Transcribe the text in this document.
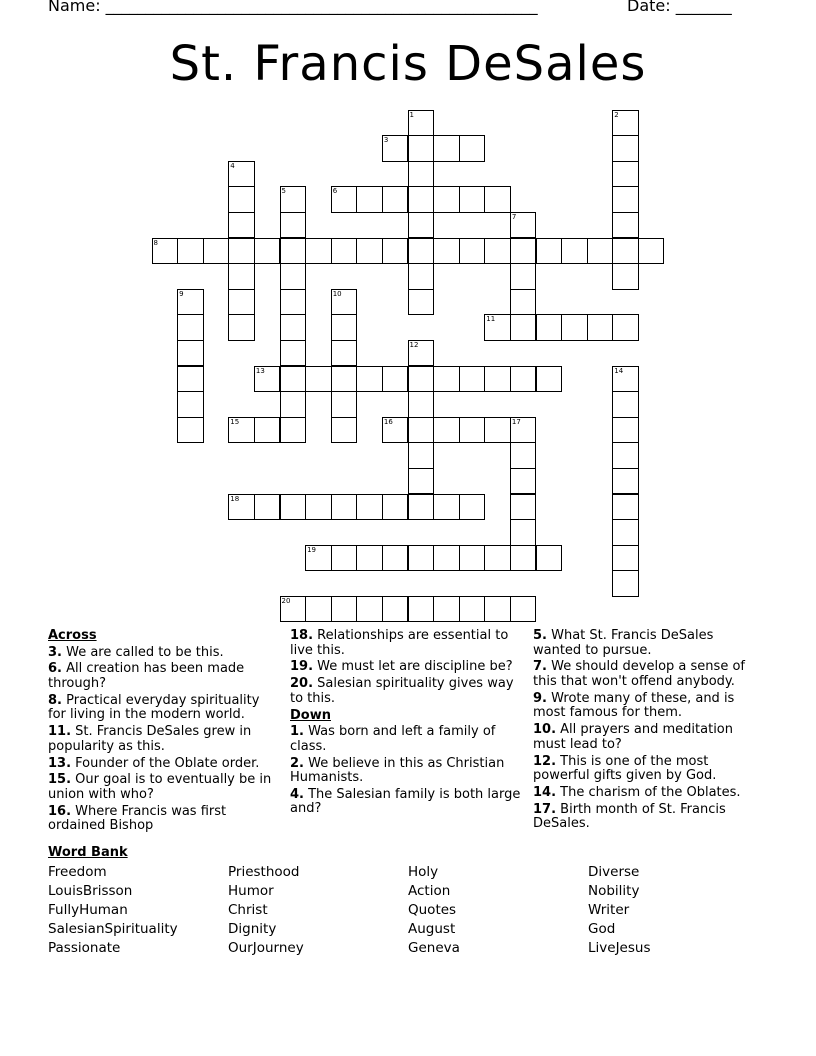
Name: ______________________________________________________	Date: _______
St. Francis DeSales
1	2
3
4
5	6
7
8
9	10
11
12
13	14
15	16	17
18
19
20
Across
3. We are called to be this.
6. All creation has been made through?
8. Practical everyday spirituality for living in the modern world.
11. St. Francis DeSales grew in popularity as this.
13. Founder of the Oblate order.
15. Our goal is to eventually be in union with who?
16. Where Francis was first ordained Bishop
18. Relationships are essential to live this.
19. We must let are discipline be?
20. Salesian spirituality gives way to this.
Down
1. Was born and left a family of class.
2. We believe in this as Christian Humanists.
4. The Salesian family is both large and?
5. What St. Francis DeSales wanted to pursue.
7. We should develop a sense of this that won't offend anybody.
9. Wrote many of these, and is most famous for them.
10. All prayers and meditation must lead to?
12. This is one of the most powerful gifts given by God.
14. The charism of the Oblates.
17. Birth month of St. Francis DeSales.
Word Bank
Freedom
LouisBrisson
FullyHuman
SalesianSpirituality
Passionate
Priesthood
Humor
Christ
Dignity
OurJourney
Holy
Action
Quotes
August
Geneva
Diverse
Nobility
Writer
God
LiveJesus
